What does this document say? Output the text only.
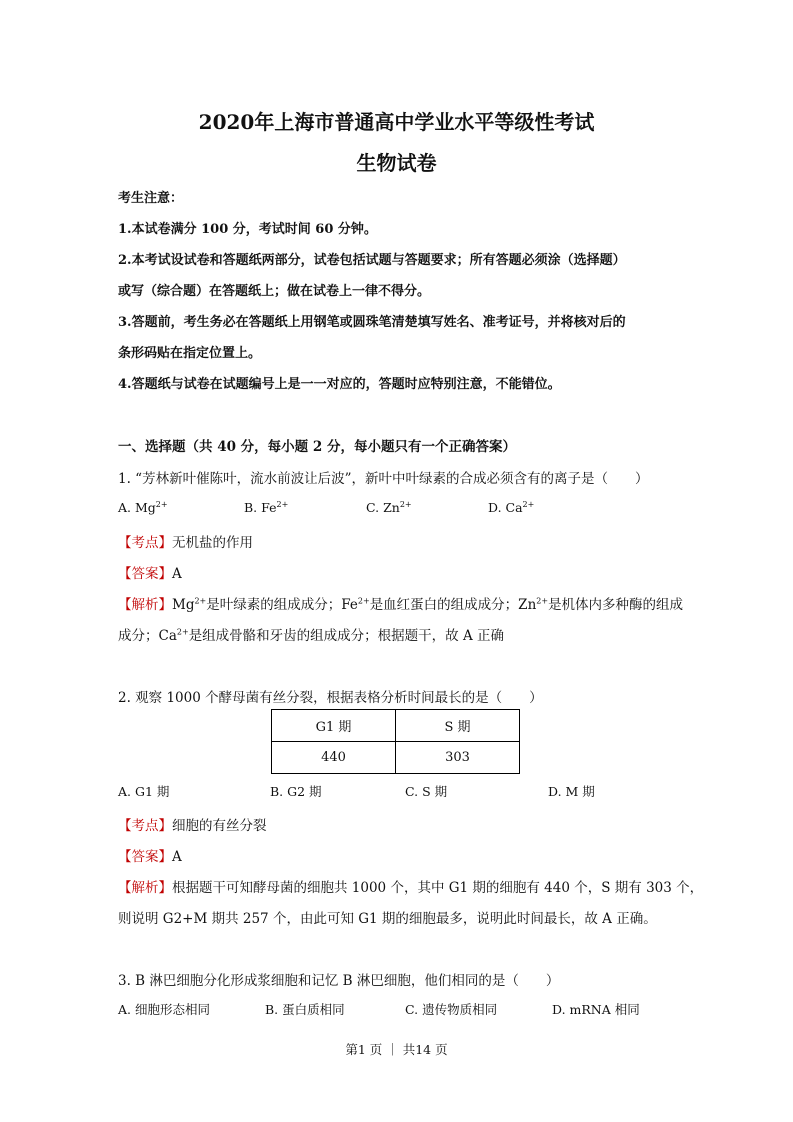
2020年上海市普通高中学业水平等级性考试
生物试卷
考生注意：
1.本试卷满分 100 分，考试时间 60 分钟。
2.本考试设试卷和答题纸两部分，试卷包括试题与答题要求；所有答题必须涂（选择题）
或写（综合题）在答题纸上；做在试卷上一律不得分。
3.答题前，考生务必在答题纸上用钢笔或圆珠笔清楚填写姓名、准考证号，并将核对后的
条形码贴在指定位置上。
4.答题纸与试卷在试题编号上是一一对应的，答题时应特别注意，不能错位。
一、选择题（共 40 分，每小题 2 分，每小题只有一个正确答案）
1. “芳林新叶催陈叶，流水前波让后波”，新叶中叶绿素的合成必须含有的离子是（　　）
A. $Mg^{2+}$	B. $Fe^{2+}$	C. $Zn^{2+}$	D. $Ca^{2+}$
【考点】无机盐的作用
【答案】A
【解析】$Mg^{2+}$是叶绿素的组成成分；$Fe^{2+}$是血红蛋白的组成成分；$Zn^{2+}$是机体内多种酶的组成
成分；$Ca^{2+}$是组成骨骼和牙齿的组成成分；根据题干，故 A 正确
2. 观察 1000 个酵母菌有丝分裂，根据表格分析时间最长的是（　　）
G1 期	S 期
440	303
A. G1 期	B. G2 期	C. S 期	D. M 期
【考点】细胞的有丝分裂
【答案】A
【解析】根据题干可知酵母菌的细胞共 1000 个，其中 G1 期的细胞有 440 个，S 期有 303 个，
则说明 G2+M 期共 257 个，由此可知 G1 期的细胞最多，说明此时间最长，故 A 正确。
3. B 淋巴细胞分化形成浆细胞和记忆 B 淋巴细胞，他们相同的是（　　）
A. 细胞形态相同	B. 蛋白质相同	C. 遗传物质相同	D. mRNA 相同
第1 页 ｜ 共14 页
